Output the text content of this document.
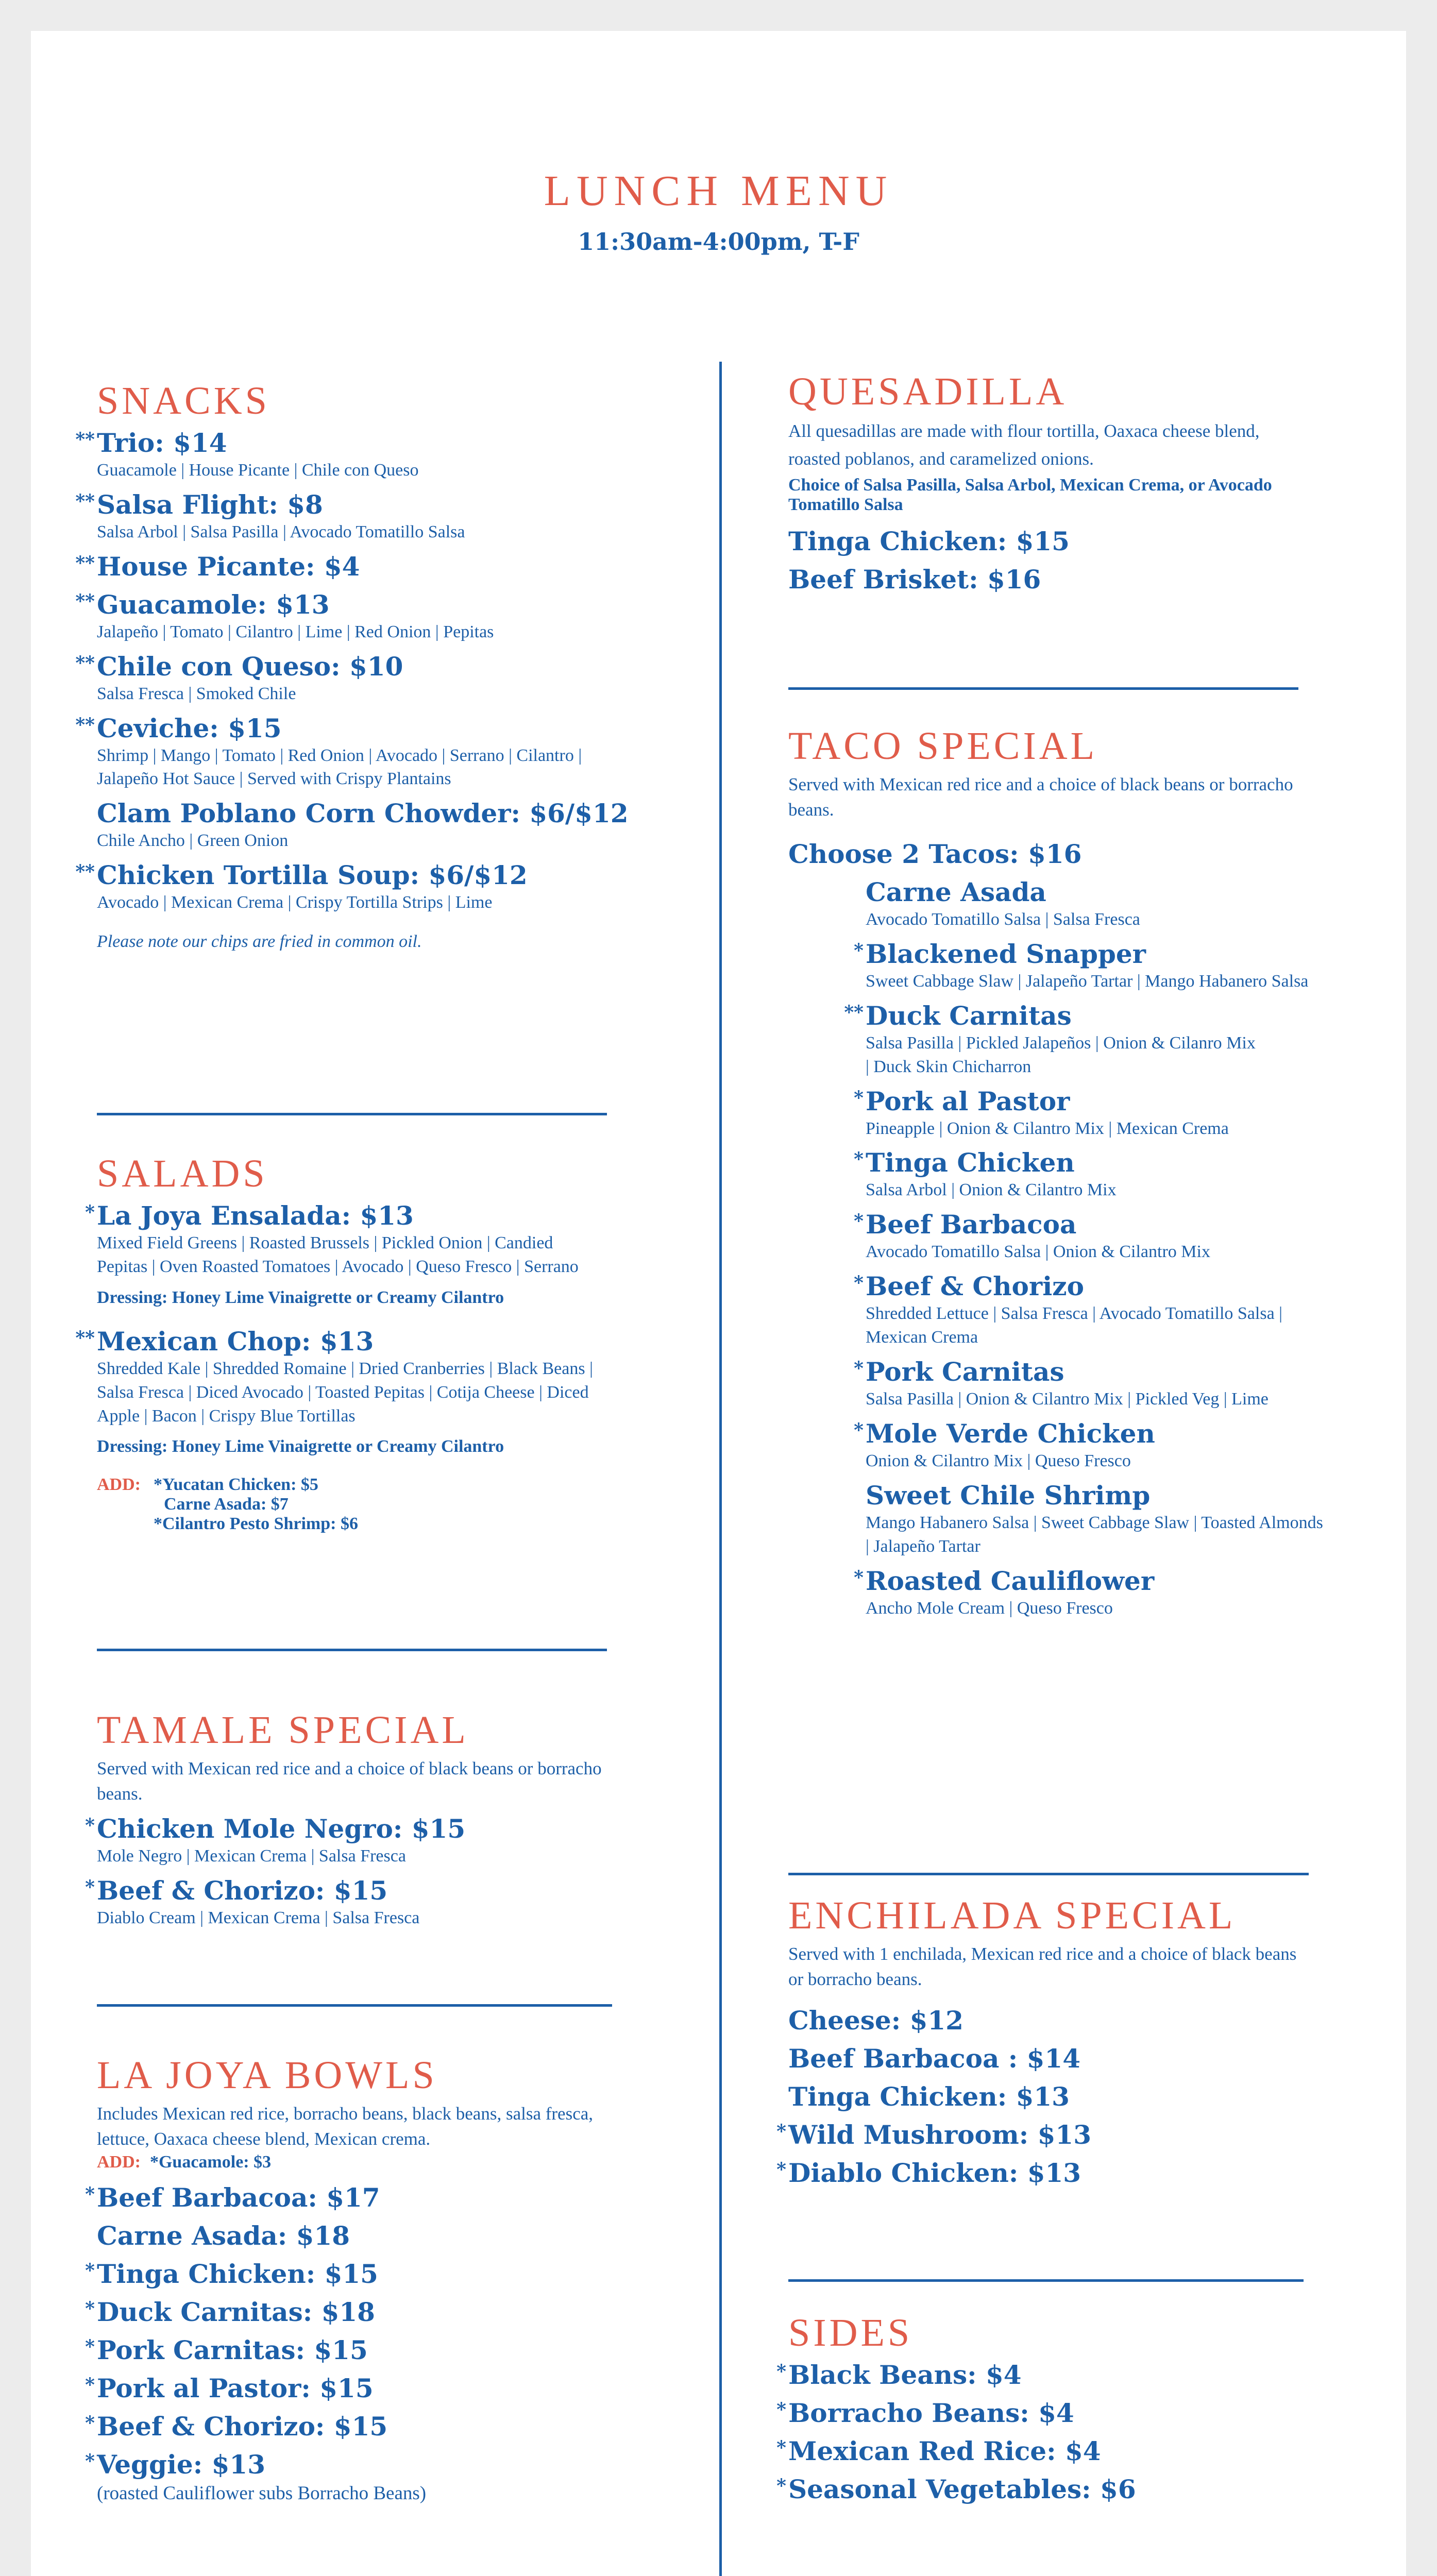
LUNCH MENU
11:30am-4:00pm, T-F
SNACKS
** Trio: $14
Guacamole | House Picante | Chile con Queso
** Salsa Flight: $8
Salsa Arbol | Salsa Pasilla | Avocado Tomatillo Salsa
** House Picante: $4
** Guacamole: $13
Jalapeño | Tomato | Cilantro | Lime | Red Onion | Pepitas
** Chile con Queso: $10
Salsa Fresca | Smoked Chile
** Ceviche: $15
Shrimp | Mango | Tomato | Red Onion | Avocado | Serrano | Cilantro | Jalapeño Hot Sauce | Served with Crispy Plantains
Clam Poblano Corn Chowder: $6/$12
Chile Ancho | Green Onion
** Chicken Tortilla Soup: $6/$12
Avocado | Mexican Crema | Crispy Tortilla Strips | Lime
Please note our chips are fried in common oil.
SALADS
* La Joya Ensalada: $13
Mixed Field Greens | Roasted Brussels | Pickled Onion | Candied Pepitas | Oven Roasted Tomatoes | Avocado | Queso Fresco | Serrano
Dressing: Honey Lime Vinaigrette or Creamy Cilantro
** Mexican Chop: $13
Shredded Kale | Shredded Romaine | Dried Cranberries | Black Beans | Salsa Fresca | Diced Avocado | Toasted Pepitas | Cotija Cheese | Diced Apple | Bacon | Crispy Blue Tortillas
Dressing: Honey Lime Vinaigrette or Creamy Cilantro
ADD: *Yucatan Chicken: $5
Carne Asada: $7
*Cilantro Pesto Shrimp: $6
TAMALE SPECIAL
Served with Mexican red rice and a choice of black beans or borracho beans.
* Chicken Mole Negro: $15
Mole Negro | Mexican Crema | Salsa Fresca
* Beef & Chorizo: $15
Diablo Cream | Mexican Crema | Salsa Fresca
LA JOYA BOWLS
Includes Mexican red rice, borracho beans, black beans, salsa fresca, lettuce, Oaxaca cheese blend, Mexican crema.
ADD: *Guacamole: $3
* Beef Barbacoa: $17
Carne Asada: $18
* Tinga Chicken: $15
* Duck Carnitas: $18
* Pork Carnitas: $15
* Pork al Pastor: $15
* Beef & Chorizo: $15
* Veggie: $13
(roasted Cauliflower subs Borracho Beans)
QUESADILLA
All quesadillas are made with flour tortilla, Oaxaca cheese blend, roasted poblanos, and caramelized onions.
Choice of Salsa Pasilla, Salsa Arbol, Mexican Crema, or Avocado Tomatillo Salsa
Tinga Chicken: $15
Beef Brisket: $16
TACO SPECIAL
Served with Mexican red rice and a choice of black beans or borracho beans.
Choose 2 Tacos: $16
Carne Asada
Avocado Tomatillo Salsa | Salsa Fresca
* Blackened Snapper
Sweet Cabbage Slaw | Jalapeño Tartar | Mango Habanero Salsa
** Duck Carnitas
Salsa Pasilla | Pickled Jalapeños | Onion & Cilanro Mix | Duck Skin Chicharron
* Pork al Pastor
Pineapple | Onion & Cilantro Mix | Mexican Crema
* Tinga Chicken
Salsa Arbol | Onion & Cilantro Mix
* Beef Barbacoa
Avocado Tomatillo Salsa | Onion & Cilantro Mix
* Beef & Chorizo
Shredded Lettuce | Salsa Fresca | Avocado Tomatillo Salsa | Mexican Crema
* Pork Carnitas
Salsa Pasilla | Onion & Cilantro Mix | Pickled Veg | Lime
* Mole Verde Chicken
Onion & Cilantro Mix | Queso Fresco
Sweet Chile Shrimp
Mango Habanero Salsa | Sweet Cabbage Slaw | Toasted Almonds | Jalapeño Tartar
* Roasted Cauliflower
Ancho Mole Cream | Queso Fresco
ENCHILADA SPECIAL
Served with 1 enchilada, Mexican red rice and a choice of black beans or borracho beans.
Cheese: $12
Beef Barbacoa : $14
Tinga Chicken: $13
* Wild Mushroom: $13
* Diablo Chicken: $13
SIDES
* Black Beans: $4
* Borracho Beans: $4
* Mexican Red Rice: $4
* Seasonal Vegetables: $6
